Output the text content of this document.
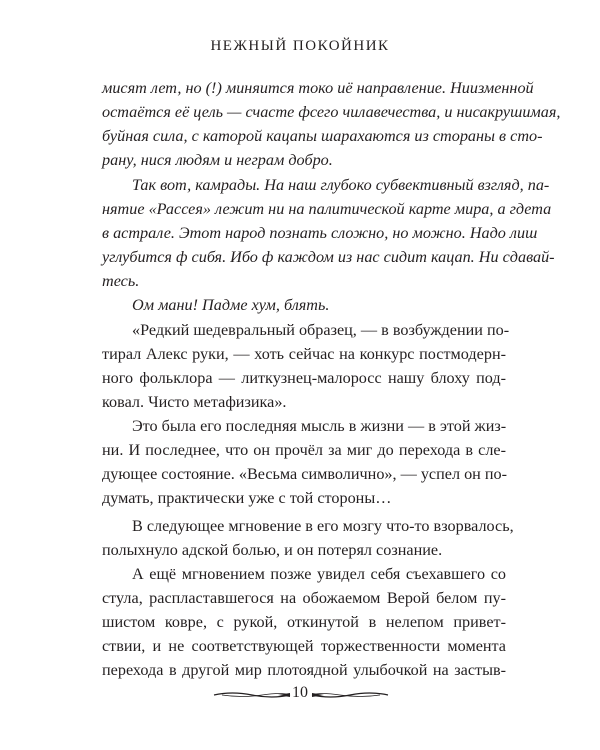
НЕЖНЫЙ ПОКОЙНИК
мисят лет, но (!) миняится токо иё направление. Ниизменной
остаётся её цель — счасте фсего чилавечества, и нисакрушимая,
буйная сила, с каторой кацапы шарахаются из стораны в сто-
рану, нися людям и неграм добро.
Так вот, камрады. На наш глубоко субвективный взгляд, па-
нятие «Рассея» лежит ни на палитической карте мира, а гдета
в астрале. Этот народ познать сложно, но можно. Надо лиш
углубится ф сибя. Ибо ф каждом из нас сидит кацап. Ни сдавай-
тесь.
Ом мани! Падме хум, блять.
«Редкий шедевральный образец, — в возбуждении по-
тирал Алекс руки, — хоть сейчас на конкурс постмодерн-
ного фольклора — литкузнец-малоросс нашу блоху под-
ковал. Чисто метафизика».
Это была его последняя мысль в жизни — в этой жиз-
ни. И последнее, что он прочёл за миг до перехода в сле-
дующее состояние. «Весьма символично», — успел он по-
думать, практически уже с той стороны…
В следующее мгновение в его мозгу что-то взорвалось,
полыхнуло адской болью, и он потерял сознание.
А ещё мгновением позже увидел себя съехавшего со
стула, распластавшегося на обожаемом Верой белом пу-
шистом ковре, с рукой, откинутой в нелепом привет-
ствии, и не соответствующей торжественности момента
перехода в другой мир плотоядной улыбочкой на застыв-
10
